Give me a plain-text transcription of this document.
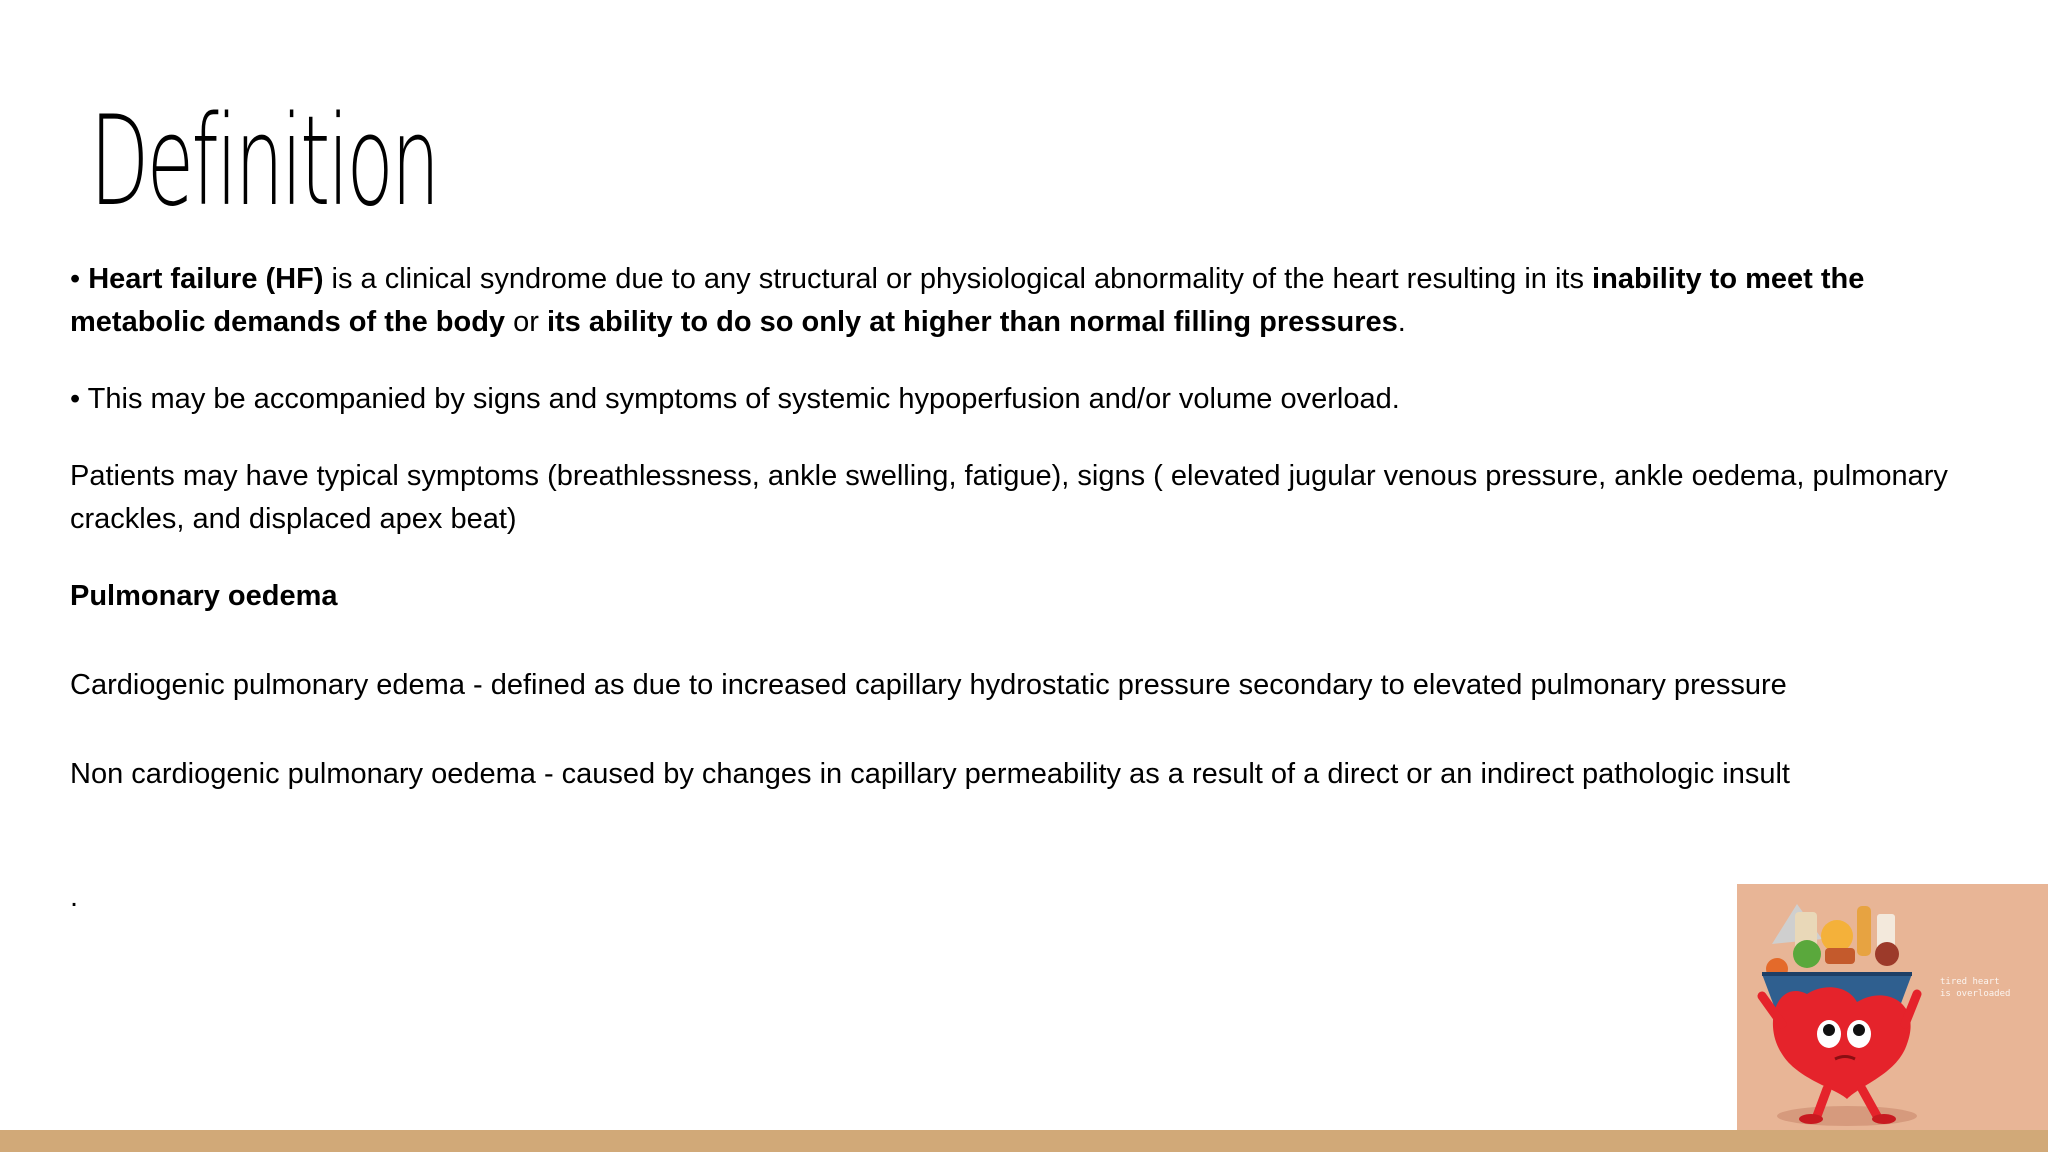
Definition

• Heart failure (HF) is a clinical syndrome due to any structural or physiological abnormality of the heart resulting in its inability to meet the metabolic demands of the body or its ability to do so only at higher than normal filling pressures.

• This may be accompanied by signs and symptoms of systemic hypoperfusion and/or volume overload.

Patients may have typical symptoms (breathlessness, ankle swelling, fatigue), signs ( elevated jugular venous pressure, ankle oedema, pulmonary crackles, and displaced apex beat)

Pulmonary oedema

Cardiogenic pulmonary edema - defined as due to increased capillary hydrostatic pressure secondary to elevated pulmonary pressure

Non cardiogenic pulmonary oedema - caused by changes in capillary permeability as a result of a direct or an indirect pathologic insult

.

tired heart
is overloaded
